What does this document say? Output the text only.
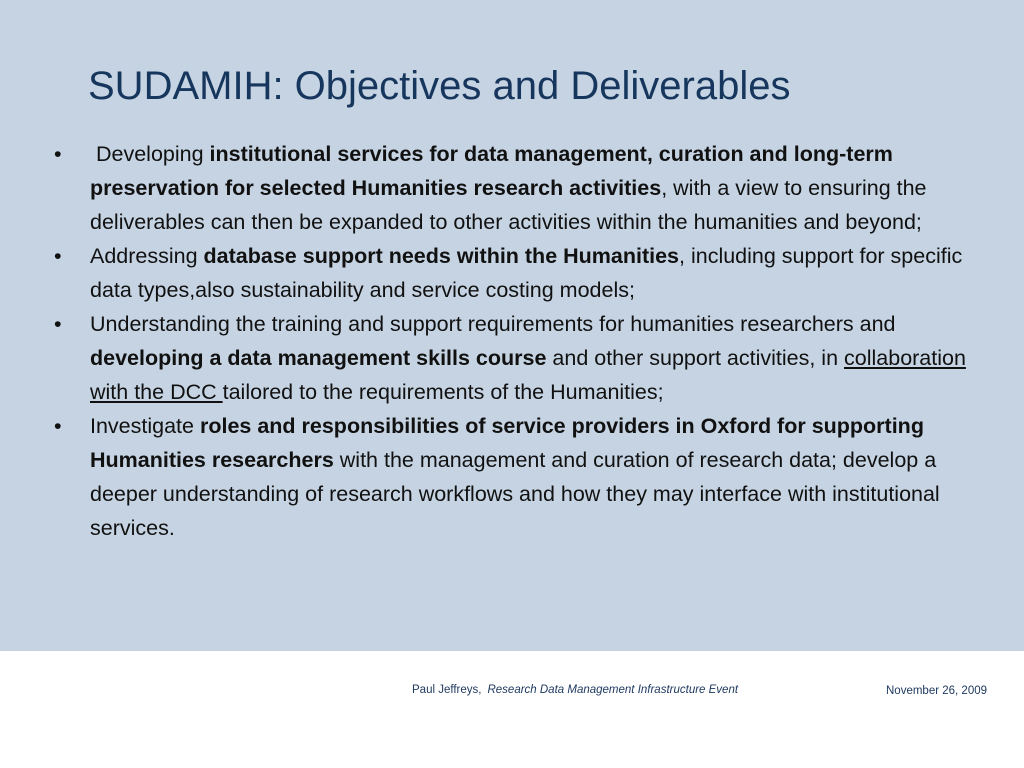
SUDAMIH: Objectives and Deliverables
• Developing institutional services for data management, curation and long-term preservation for selected Humanities research activities, with a view to ensuring the deliverables can then be expanded to other activities within the humanities and beyond;
• Addressing database support needs within the Humanities, including support for specific data types,also sustainability and service costing models;
• Understanding the training and support requirements for humanities researchers and developing a data management skills course and other support activities, in collaboration with the DCC tailored to the requirements of the Humanities;
• Investigate roles and responsibilities of service providers in Oxford for supporting Humanities researchers with the management and curation of research data; develop a deeper understanding of research workflows and how they may interface with institutional services.
Paul Jeffreys, Research Data Management Infrastructure Event	November 26, 2009
